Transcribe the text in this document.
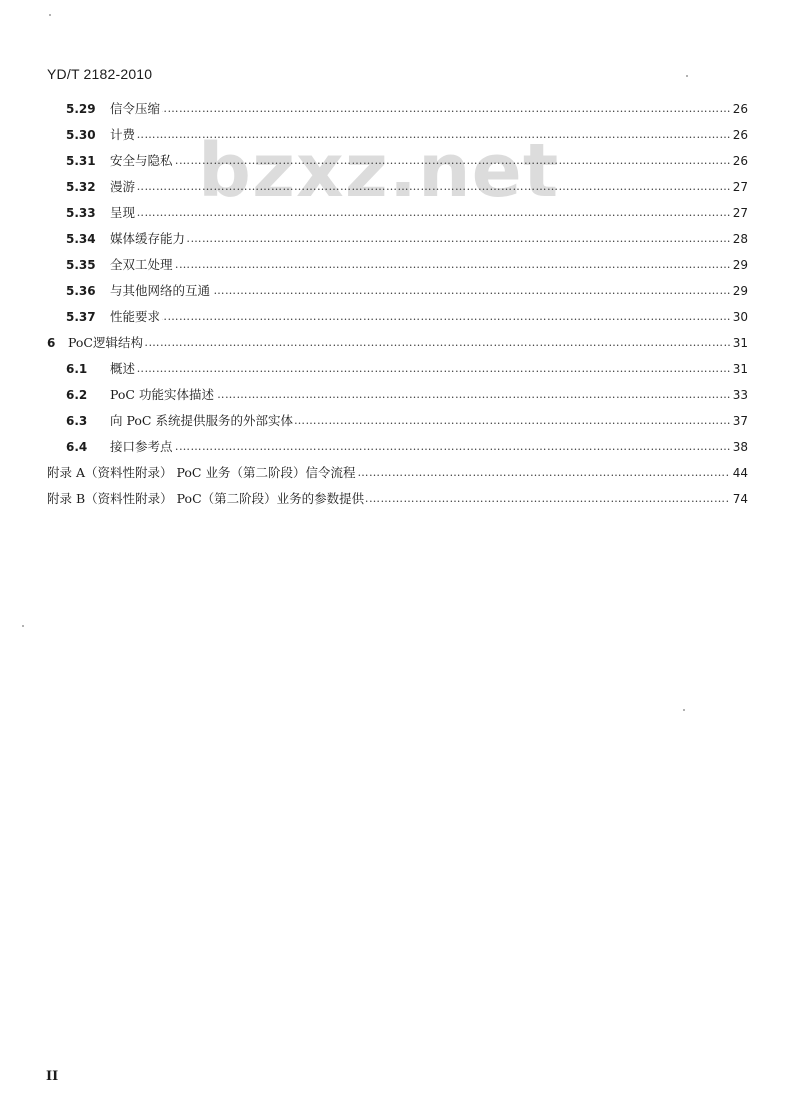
YD/T 2182-2010
bzxz.net
5.29 信令压缩 ……………………………………………………………………………………………………………………………………………………………………………………	26
5.30 计费 ……………………………………………………………………………………………………………………………………………………………………………………	26
5.31 安全与隐私 ……………………………………………………………………………………………………………………………………………………………………………………	26
5.32 漫游 ……………………………………………………………………………………………………………………………………………………………………………………	27
5.33 呈现 ……………………………………………………………………………………………………………………………………………………………………………………	27
5.34 媒体缓存能力 ……………………………………………………………………………………………………………………………………………………………………………………	28
5.35 全双工处理 ……………………………………………………………………………………………………………………………………………………………………………………	29
5.36 与其他网络的互通 ……………………………………………………………………………………………………………………………………………………………………………………	29
5.37 性能要求 ……………………………………………………………………………………………………………………………………………………………………………………	30
6 PoC逻辑结构 ……………………………………………………………………………………………………………………………………………………………………………………	31
6.1 概述 ……………………………………………………………………………………………………………………………………………………………………………………	31
6.2 PoC 功能实体描述 ……………………………………………………………………………………………………………………………………………………………………………………	33
6.3 向 PoC 系统提供服务的外部实体 ……………………………………………………………………………………………………………………………………………………………………………………	37
6.4 接口参考点 ……………………………………………………………………………………………………………………………………………………………………………………	38
附录 A（资料性附录） PoC 业务（第二阶段）信令流程 ……………………………………………………………………………………………………………………………………………………………………………………	44
附录 B（资料性附录） PoC（第二阶段）业务的参数提供 ……………………………………………………………………………………………………………………………………………………………………………………	74
II
